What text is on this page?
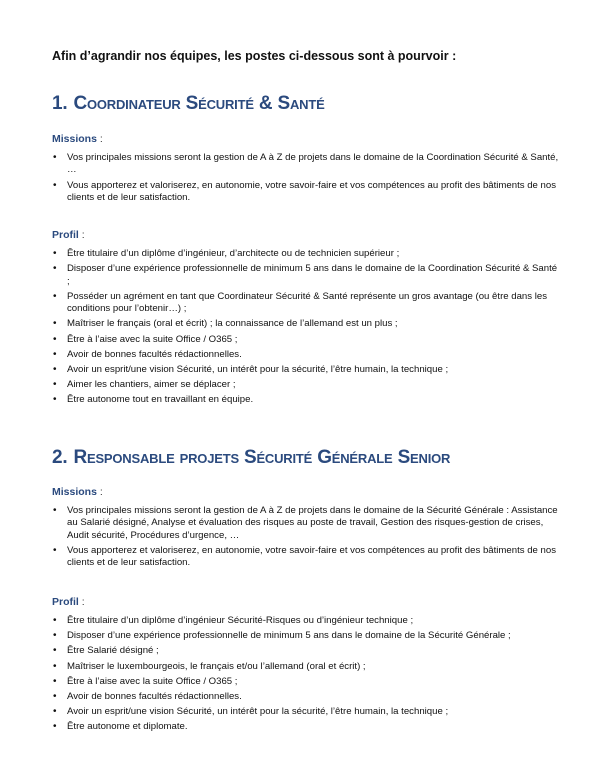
Afin d’agrandir nos équipes, les postes ci-dessous sont à pourvoir :
1. Coordinateur Sécurité & Santé
Missions :
• Vos principales missions seront la gestion de A à Z de projets dans le domaine de la Coordination Sécurité & Santé, …
• Vous apporterez et valoriserez, en autonomie, votre savoir-faire et vos compétences au profit des bâtiments de nos clients et de leur satisfaction.
Profil :
• Être titulaire d’un diplôme d’ingénieur, d’architecte ou de technicien supérieur ;
• Disposer d’une expérience professionnelle de minimum 5 ans dans le domaine de la Coordination Sécurité & Santé ;
• Posséder un agrément en tant que Coordinateur Sécurité & Santé représente un gros avantage (ou être dans les conditions pour l’obtenir…) ;
• Maîtriser le français (oral et écrit) ; la connaissance de l’allemand est un plus ;
• Être à l’aise avec la suite Office / O365 ;
• Avoir de bonnes facultés rédactionnelles.
• Avoir un esprit/une vision Sécurité, un intérêt pour la sécurité, l’être humain, la technique ;
• Aimer les chantiers, aimer se déplacer ;
• Être autonome tout en travaillant en équipe.
2. Responsable projets Sécurité Générale Senior
Missions :
• Vos principales missions seront la gestion de A à Z de projets dans le domaine de la Sécurité Générale : Assistance au Salarié désigné, Analyse et évaluation des risques au poste de travail, Gestion des risques-gestion de crises, Audit sécurité, Procédures d’urgence, …
• Vous apporterez et valoriserez, en autonomie, votre savoir-faire et vos compétences au profit des bâtiments de nos clients et de leur satisfaction.
Profil :
• Être titulaire d’un diplôme d’ingénieur Sécurité-Risques ou d’ingénieur technique ;
• Disposer d’une expérience professionnelle de minimum 5 ans dans le domaine de la Sécurité Générale ;
• Être Salarié désigné ;
• Maîtriser le luxembourgeois, le français et/ou l’allemand (oral et écrit) ;
• Être à l’aise avec la suite Office / O365 ;
• Avoir de bonnes facultés rédactionnelles.
• Avoir un esprit/une vision Sécurité, un intérêt pour la sécurité, l’être humain, la technique ;
• Être autonome et diplomate.
